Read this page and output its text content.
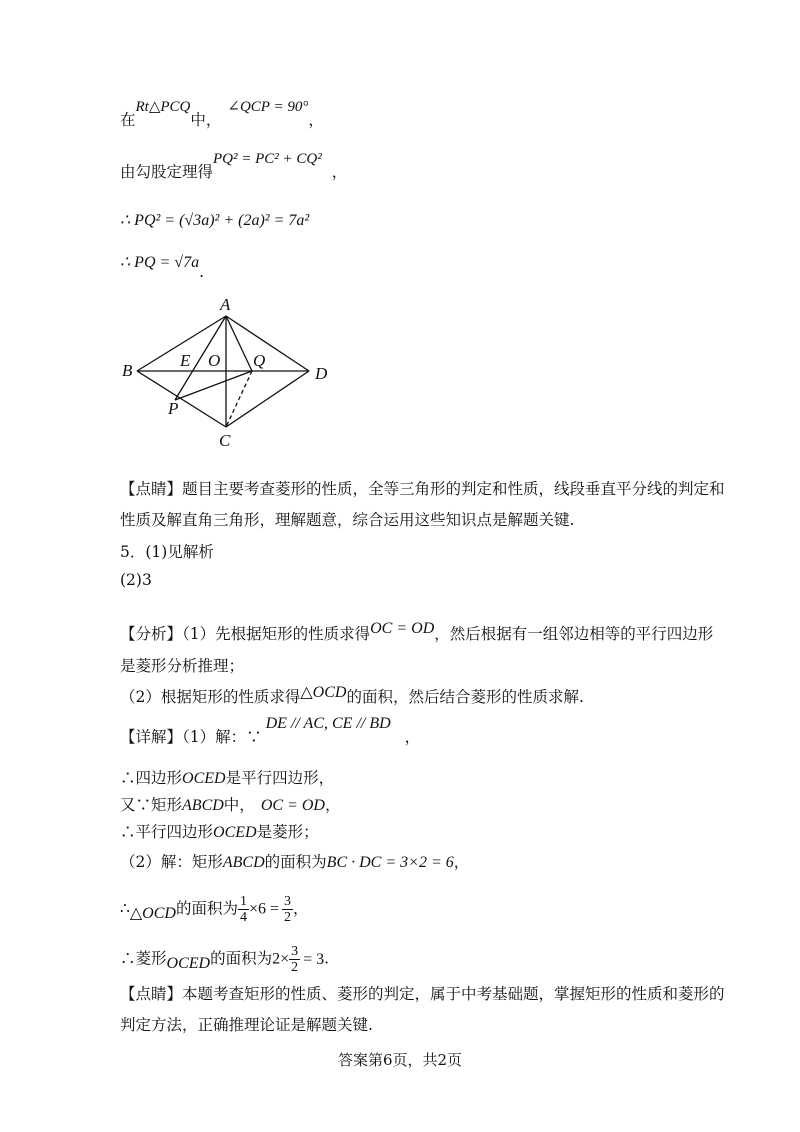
在Rt△PCQ中，∠QCP = 90°，
由勾股定理得PQ² = PC² + CQ²，
∴ PQ² = (√3a)² + (2a)² = 7a²
∴ PQ = √7a.
A
B
C
D
E O
P
Q
【点睛】题目主要考查菱形的性质，全等三角形的判定和性质，线段垂直平分线的判定和
性质及解直角三角形，理解题意，综合运用这些知识点是解题关键.
5．(1)见解析
(2)3
【分析】（1）先根据矩形的性质求得OC = OD，然后根据有一组邻边相等的平行四边形
是菱形分析推理；
（2）根据矩形的性质求得△OCD的面积，然后结合菱形的性质求解.
【详解】（1）解：∵DE // AC, CE // BD，
∴四边形OCED是平行四边形，
又∵矩形ABCD中， OC = OD，
∴平行四边形OCED是菱形；
（2）解：矩形ABCD的面积为BC · DC = 3×2 = 6，
∴△OCD的面积为 $\frac{1}{4} \times 6 = \frac{3}{2}$ ，
∴菱形OCED的面积为$2\times \frac{3}{2} = 3$.
【点睛】本题考查矩形的性质、菱形的判定，属于中考基础题，掌握矩形的性质和菱形的
判定方法，正确推理论证是解题关键.
答案第6页，共2页
